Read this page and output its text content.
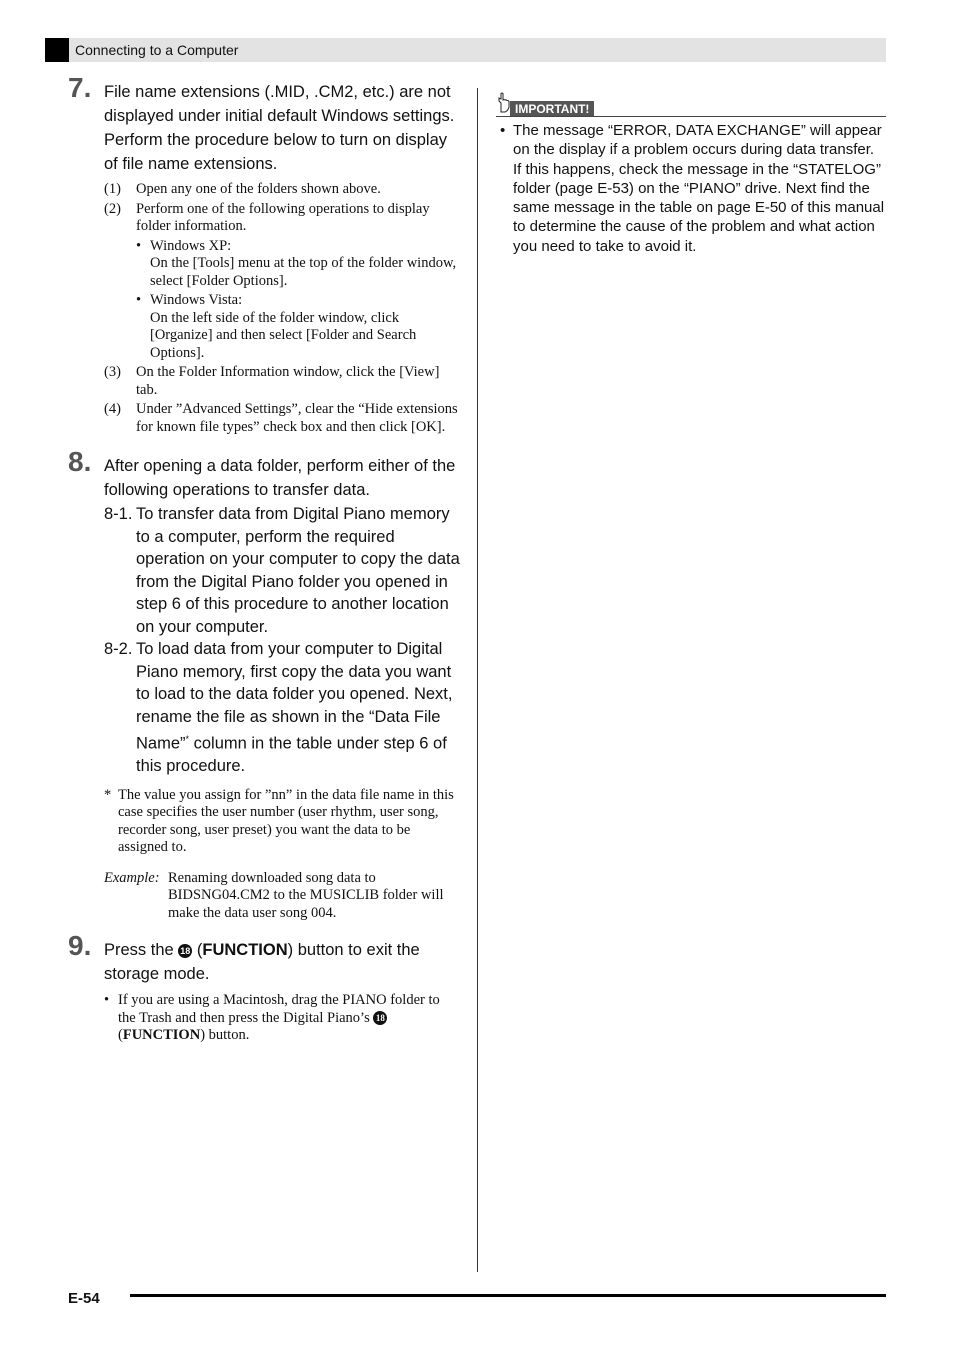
Connecting to a Computer
7. File name extensions (.MID, .CM2, etc.) are not displayed under initial default Windows settings. Perform the procedure below to turn on display of file name extensions.
(1) Open any one of the folders shown above.
(2) Perform one of the following operations to display folder information.
• Windows XP:
On the [Tools] menu at the top of the folder window, select [Folder Options].
• Windows Vista:
On the left side of the folder window, click [Organize] and then select [Folder and Search Options].
(3) On the Folder Information window, click the [View] tab.
(4) Under ”Advanced Settings”, clear the “Hide extensions for known file types” check box and then click [OK].
8. After opening a data folder, perform either of the following operations to transfer data.
8-1. To transfer data from Digital Piano memory to a computer, perform the required operation on your computer to copy the data from the Digital Piano folder you opened in step 6 of this procedure to another location on your computer.
8-2. To load data from your computer to Digital Piano memory, first copy the data you want to load to the data folder you opened. Next, rename the file as shown in the “Data File Name”* column in the table under step 6 of this procedure.
* The value you assign for ”nn” in the data file name in this case specifies the user number (user rhythm, user song, recorder song, user preset) you want the data to be assigned to.
Example: Renaming downloaded song data to BIDSNG04.CM2 to the MUSICLIB folder will make the data user song 004.
9. Press the 18 (FUNCTION) button to exit the storage mode.
• If you are using a Macintosh, drag the PIANO folder to the Trash and then press the Digital Piano’s 18
(FUNCTION) button.
IMPORTANT!
• The message “ERROR, DATA EXCHANGE” will appear on the display if a problem occurs during data transfer. If this happens, check the message in the “STATELOG” folder (page E-53) on the “PIANO” drive. Next find the same message in the table on page E-50 of this manual to determine the cause of the problem and what action you need to take to avoid it.
E-54
